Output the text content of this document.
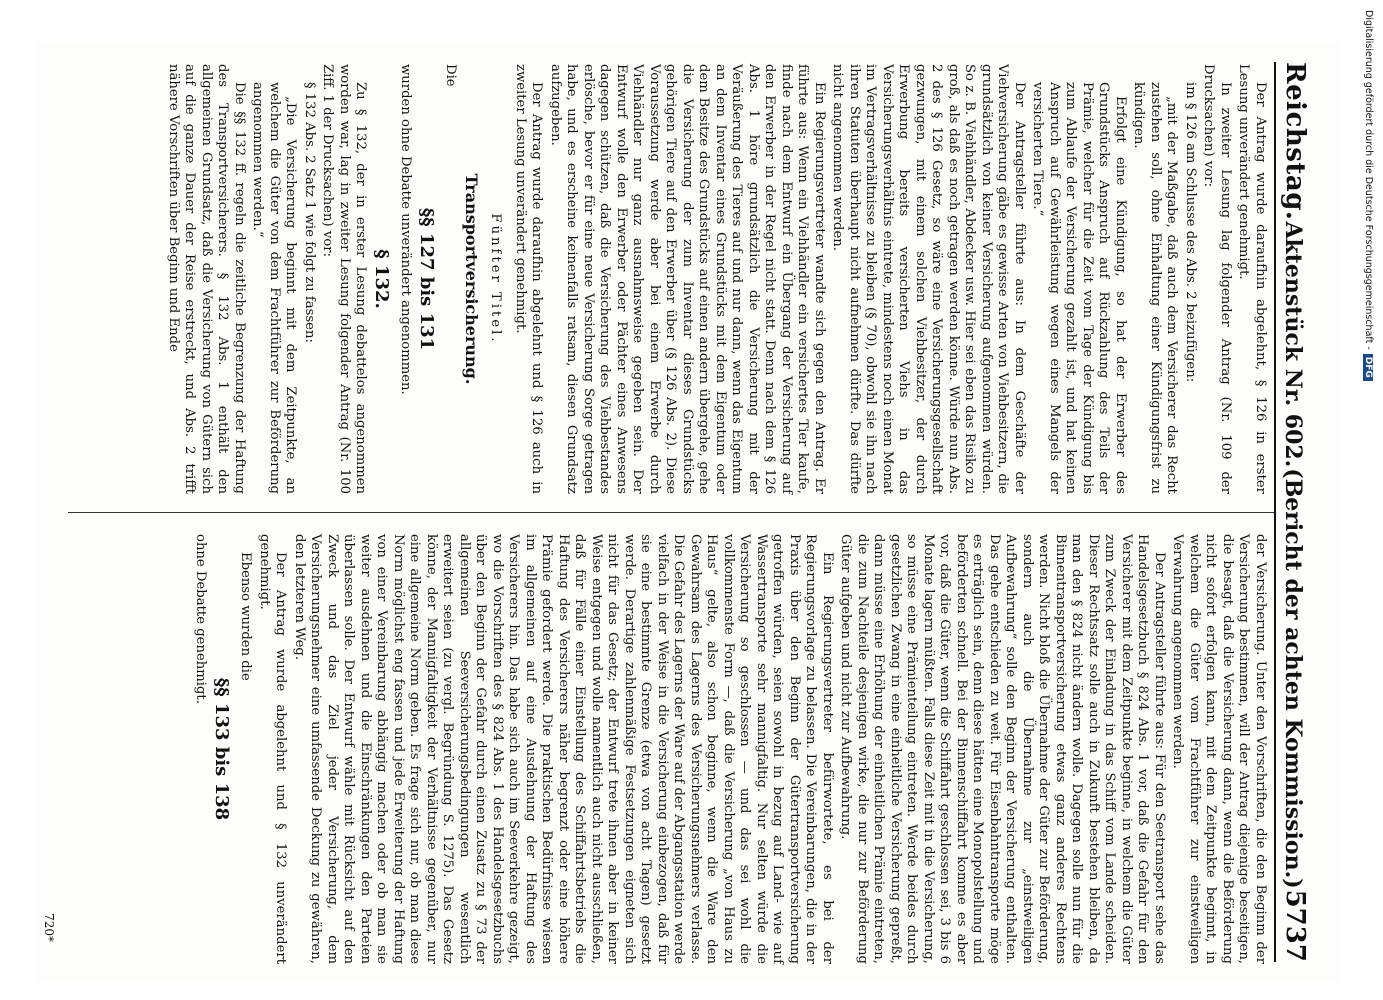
Reichstag.
Aktenstück Nr. 602.
(Bericht der achten Kommission.)
5737

Der Antrag wurde daraufhin abgelehnt, § 126 in erster Lesung unverändert genehmigt.

In zweiter Lesung lag folgender Antrag (Nr. 109 der Drucksachen) vor:

im § 126 am Schlusse des Abs. 2 beizufügen:

„mit der Maßgabe, daß auch dem Versicherer das Recht zustehen soll, ohne Einhaltung einer Kündigungsfrist zu kündigen.

Erfolgt eine Kündigung, so hat der Erwerber des Grundstücks Anspruch auf Rückzahlung des Teils der Prämie, welcher für die Zeit vom Tage der Kündigung bis zum Ablaufe der Versicherung gezahlt ist, und hat keinen Anspruch auf Gewährleistung wegen eines Mangels der versicherten Tiere.“

Der Antragsteller führte aus: In dem Geschäfte der Viehversicherung gäbe es gewisse Arten von Viehbesitzern, die grundsätzlich von keiner Versicherung aufgenommen würden. So z. B. Viehhändler, Abdecker usw. Hier sei eben das Risiko zu groß, als daß es noch getragen werden könne. Würde nun Abs. 2 des § 126 Gesetz, so wäre eine Versicherungsgesellschaft gezwungen, mit einem solchen Viehbesitzer, der durch Erwerbung bereits versicherten Viehs in das Versicherungsverhältnis eintrete, mindestens noch einen Monat im Vertragsverhältnisse zu bleiben (§ 70), obwohl sie ihn nach ihren Statuten überhaupt nicht aufnehmen dürfte. Das dürfte nicht angenommen werden.

Ein Regierungsvertreter wandte sich gegen den Antrag. Er führte aus: Wenn ein Viehhändler ein versichertes Tier kaufe, finde nach dem Entwurf ein Übergang der Versicherung auf den Erwerber in der Regel nicht statt. Denn nach dem § 126 Abs. 1 höre grundsätzlich die Versicherung mit der Veräußerung des Tieres auf und nur dann, wenn das Eigentum an dem Inventar eines Grundstücks mit dem Eigentum oder dem Besitze des Grundstücks auf einen andern übergehe, gehe die Versicherung der zum Inventar dieses Grundstücks gehörigen Tiere auf den Erwerber über (§ 126 Abs. 2). Diese Voraussetzung werde aber bei einem Erwerbe durch Viehhändler nur ganz ausnahmsweise gegeben sein. Der Entwurf wolle den Erwerber oder Pächter eines Anwesens dagegen schützen, daß die Versicherung des Viehbestandes erlösche, bevor er für eine neue Versicherung Sorge getragen habe, und es erscheine keinenfalls ratsam, diesen Grundsatz aufzugeben.

Der Antrag wurde daraufhin abgelehnt und § 126 auch in zweiter Lesung unverändert genehmigt.

Fünfter Titel.

Transportversicherung.

Die

§§ 127 bis 131

wurden ohne Debatte unverändert angenommen.

§ 132.

Zu § 132, der in erster Lesung debattelos angenommen worden war, lag in zweiter Lesung folgender Antrag (Nr. 100 Ziff. 1 der Drucksachen) vor:

§ 132 Abs. 2 Satz 1 wie folgt zu fassen:

„Die Versicherung beginnt mit dem Zeitpunkte, an welchem die Güter von dem Frachtführer zur Beförderung angenommen werden.“

Die §§ 132 ff. regeln die zeitliche Begrenzung der Haftung des Transportversicherers. § 132 Abs. 1 enthält den allgemeinen Grundsatz, daß die Versicherung von Gütern sich auf die ganze Dauer der Reise erstreckt, und Abs. 2 trifft nähere Vorschriften über Beginn und Ende

der Versicherung. Unter den Vorschriften, die den Beginm der Versicherung bestimmen, will der Antrag diejenige beseitigen, die besagt, daß die Versicherung dann, wenn die Beförderung nicht sofort erfolgen kann, mit dem Zeitpunkte beginnt, in welchem die Güter vom Frachtführer zur einstweiligen Verwahrung angenommen werden.

Der Antragsteller führte aus: Für den Seetransport sehe das Handelsgesetzbuch § 824 Abs. 1 vor, daß die Gefahr für den Versicherer mit dem Zeitpunkte beginne, in welchem die Güter zum Zweck der Einladung in das Schiff vom Lande scheiden. Dieser Rechtssatz solle auch in Zukunft bestehen bleiben, da man den § 824 nicht ändern wolle. Dagegen solle nun für die Binnentransportversicherung etwas ganz anderes Rechtens werden. Nicht bloß die Übernahme der Güter zur Beförderung, sondern auch die Übernahme zur „einstweiligen Aufbewahrung“ solle den Beginn der Versicherung enthalten. Das gehe entschieden zu weit. Für Eisenbahntransporte möge es erträglich sein, denn diese hätten eine Monopolstellung und beförderten schnell. Bei der Binnenschiffahrt komme es aber vor, daß die Güter, wenn die Schiffahrt geschlossen sei, 3 bis 6 Monate lagern müßten. Falls diese Zeit mit in die Versicherung, so müsse eine Prämienteilung eintreten. Werde beides durch gesetzlichen Zwang in eine einheitliche Versicherung gepreßt, dann müsse eine Erhöhung der einheitlichen Prämie eintreten, die zum Nachteile desjenigen wirke, die nur zur Beförderung Güter aufgeben und nicht zur Aufbewahrung.

Ein Regierungsvertreter befürwortete, es bei der Regierungsvorlage zu belassen. Die Vereinbarungen, die in der Praxis über den Beginn der Gütertransportversicherung getroffen würden, seien sowohl in bezug auf Land- wie auf Wassertransporte sehr mannigfaltig. Nur selten würde die Versicherung so geschlossen — und das sei wohl die vollkommenste Form —, daß die Versicherung „von Haus zu Haus“ gelte, also schon beginne, wenn die Ware den Gewahrsam des Lagerns des Versicherungsnehmers verlasse. Die Gefahr des Lagerns der Ware auf der Abgangsstation werde vielfach in der Weise in die Versicherung einbezogen, daß für sie eine bestimmte Grenze (etwa von acht Tagen) gesetzt werde. Derartige zahlenmäßige Festsetzungen eigneten sich nicht für das Gesetz; der Entwurf trete ihnen aber in keiner Weise entgegen und wolle namentlich auch nicht ausschließen, daß für Fälle einer Einstellung des Schiffahrtsbetriebs die Haftung des Versicherers näher begrenzt oder eine höhere Prämie gefordert werde. Die praktischen Bedürfnisse wiesen im allgemeinen auf eine Ausdehnung der Haftung des Versicherers hin. Das habe sich auch im Seeverkehre gezeigt, wo die Vorschriften des § 824 Abs. 1 des Handelsgesetzbuchs über den Beginn der Gefahr durch einen Zusatz zu § 73 der allgemeinen Seeversicherungsbedingungen wesentlich erweitert seien (zu vergl. Begründung S. 1275). Das Gesetz könne, der Mannigfaltigkeit der Verhältnisse gegenüber, nur eine allgemeine Norm geben. Es frage sich nur, ob man diese Norm möglichst eng fassen und jede Erweiterung der Haftung von einer Vereinbarung abhängig machen oder ob man sie weiter ausdehnen und die Einschränkungen den Parteien überlassen solle. Der Entwurf wähle mit Rücksicht auf den Zweck und das Ziel jeder Versicherung, dem Versicherungsnehmer eine umfassende Deckung zu gewähren, den letzteren Weg.

Der Antrag wurde abgelehnt und § 132 unverändert genehmigt.

Ebenso wurden die

§§ 133 bis 138

ohne Debatte genehmigt.

720*
Digitalisierung gefördert durch die Deutsche Forschungsgemeinschaft -DFG
